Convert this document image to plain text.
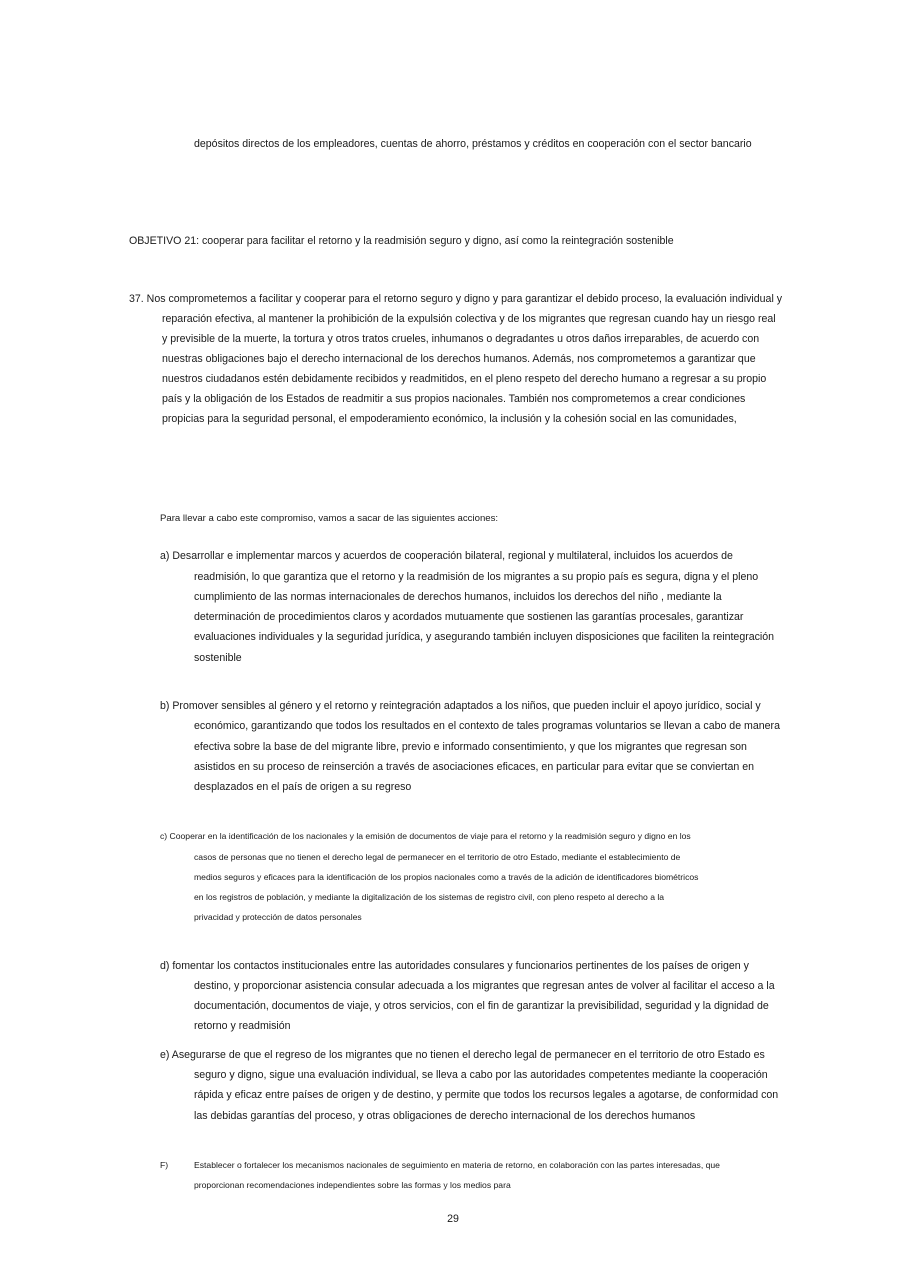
depósitos directos de los empleadores, cuentas de ahorro, préstamos y créditos en cooperación con el sector bancario
OBJETIVO 21: cooperar para facilitar el retorno y la readmisión seguro y digno, así como la reintegración sostenible
37. Nos comprometemos a facilitar y cooperar para el retorno seguro y digno y para garantizar el debido proceso, la evaluación individual y
reparación efectiva, al mantener la prohibición de la expulsión colectiva y de los migrantes que regresan cuando hay un riesgo real
y previsible de la muerte, la tortura y otros tratos crueles, inhumanos o degradantes u otros daños irreparables, de acuerdo con
nuestras obligaciones bajo el derecho internacional de los derechos humanos. Además, nos comprometemos a garantizar que
nuestros ciudadanos estén debidamente recibidos y readmitidos, en el pleno respeto del derecho humano a regresar a su propio
país y la obligación de los Estados de readmitir a sus propios nacionales. También nos comprometemos a crear condiciones
propicias para la seguridad personal, el empoderamiento económico, la inclusión y la cohesión social en las comunidades,
Para llevar a cabo este compromiso, vamos a sacar de las siguientes acciones:
a) Desarrollar e implementar marcos y acuerdos de cooperación bilateral, regional y multilateral, incluidos los acuerdos de
readmisión, lo que garantiza que el retorno y la readmisión de los migrantes a su propio país es segura, digna y el pleno
cumplimiento de las normas internacionales de derechos humanos, incluidos los derechos del niño , mediante la
determinación de procedimientos claros y acordados mutuamente que sostienen las garantías procesales, garantizar
evaluaciones individuales y la seguridad jurídica, y asegurando también incluyen disposiciones que faciliten la reintegración
sostenible
b) Promover sensibles al género y el retorno y reintegración adaptados a los niños, que pueden incluir el apoyo jurídico, social y
económico, garantizando que todos los resultados en el contexto de tales programas voluntarios se llevan a cabo de manera
efectiva sobre la base de del migrante libre, previo e informado consentimiento, y que los migrantes que regresan son
asistidos en su proceso de reinserción a través de asociaciones eficaces, en particular para evitar que se conviertan en
desplazados en el país de origen a su regreso
c) Cooperar en la identificación de los nacionales y la emisión de documentos de viaje para el retorno y la readmisión seguro y digno en los
casos de personas que no tienen el derecho legal de permanecer en el territorio de otro Estado, mediante el establecimiento de
medios seguros y eficaces para la identificación de los propios nacionales como a través de la adición de identificadores biométricos
en los registros de población, y mediante la digitalización de los sistemas de registro civil, con pleno respeto al derecho a la
privacidad y protección de datos personales
d) fomentar los contactos institucionales entre las autoridades consulares y funcionarios pertinentes de los países de origen y
destino, y proporcionar asistencia consular adecuada a los migrantes que regresan antes de volver al facilitar el acceso a la
documentación, documentos de viaje, y otros servicios, con el fin de garantizar la previsibilidad, seguridad y la dignidad de
retorno y readmisión
e) Asegurarse de que el regreso de los migrantes que no tienen el derecho legal de permanecer en el territorio de otro Estado es
seguro y digno, sigue una evaluación individual, se lleva a cabo por las autoridades competentes mediante la cooperación
rápida y eficaz entre países de origen y de destino, y permite que todos los recursos legales a agotarse, de conformidad con
las debidas garantías del proceso, y otras obligaciones de derecho internacional de los derechos humanos
F)	Establecer o fortalecer los mecanismos nacionales de seguimiento en materia de retorno, en colaboración con las partes interesadas, que
proporcionan recomendaciones independientes sobre las formas y los medios para
29
